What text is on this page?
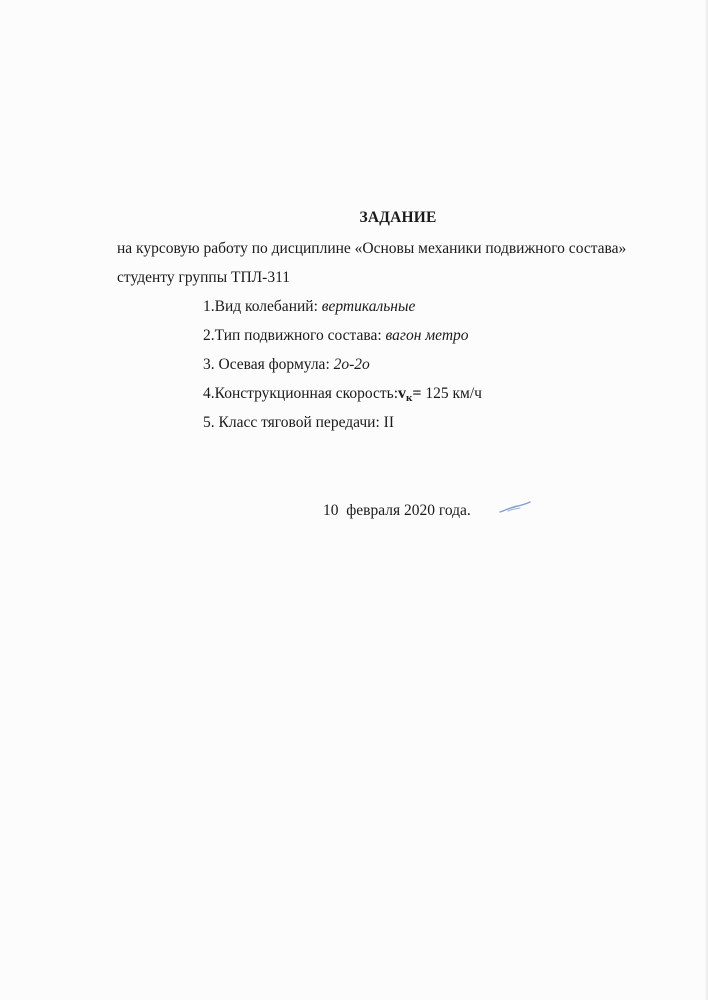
ЗАДАНИЕ
на курсовую работу по дисциплине «Основы механики подвижного состава»
студенту группы ТПЛ-311
1.Вид колебаний: вертикальные
2.Тип подвижного состава: вагон метро
3. Осевая формула: 2о-2о
4.Конструкционная скорость:vк= 125 км/ч
5. Класс тяговой передачи: II
10  февраля 2020 года.
